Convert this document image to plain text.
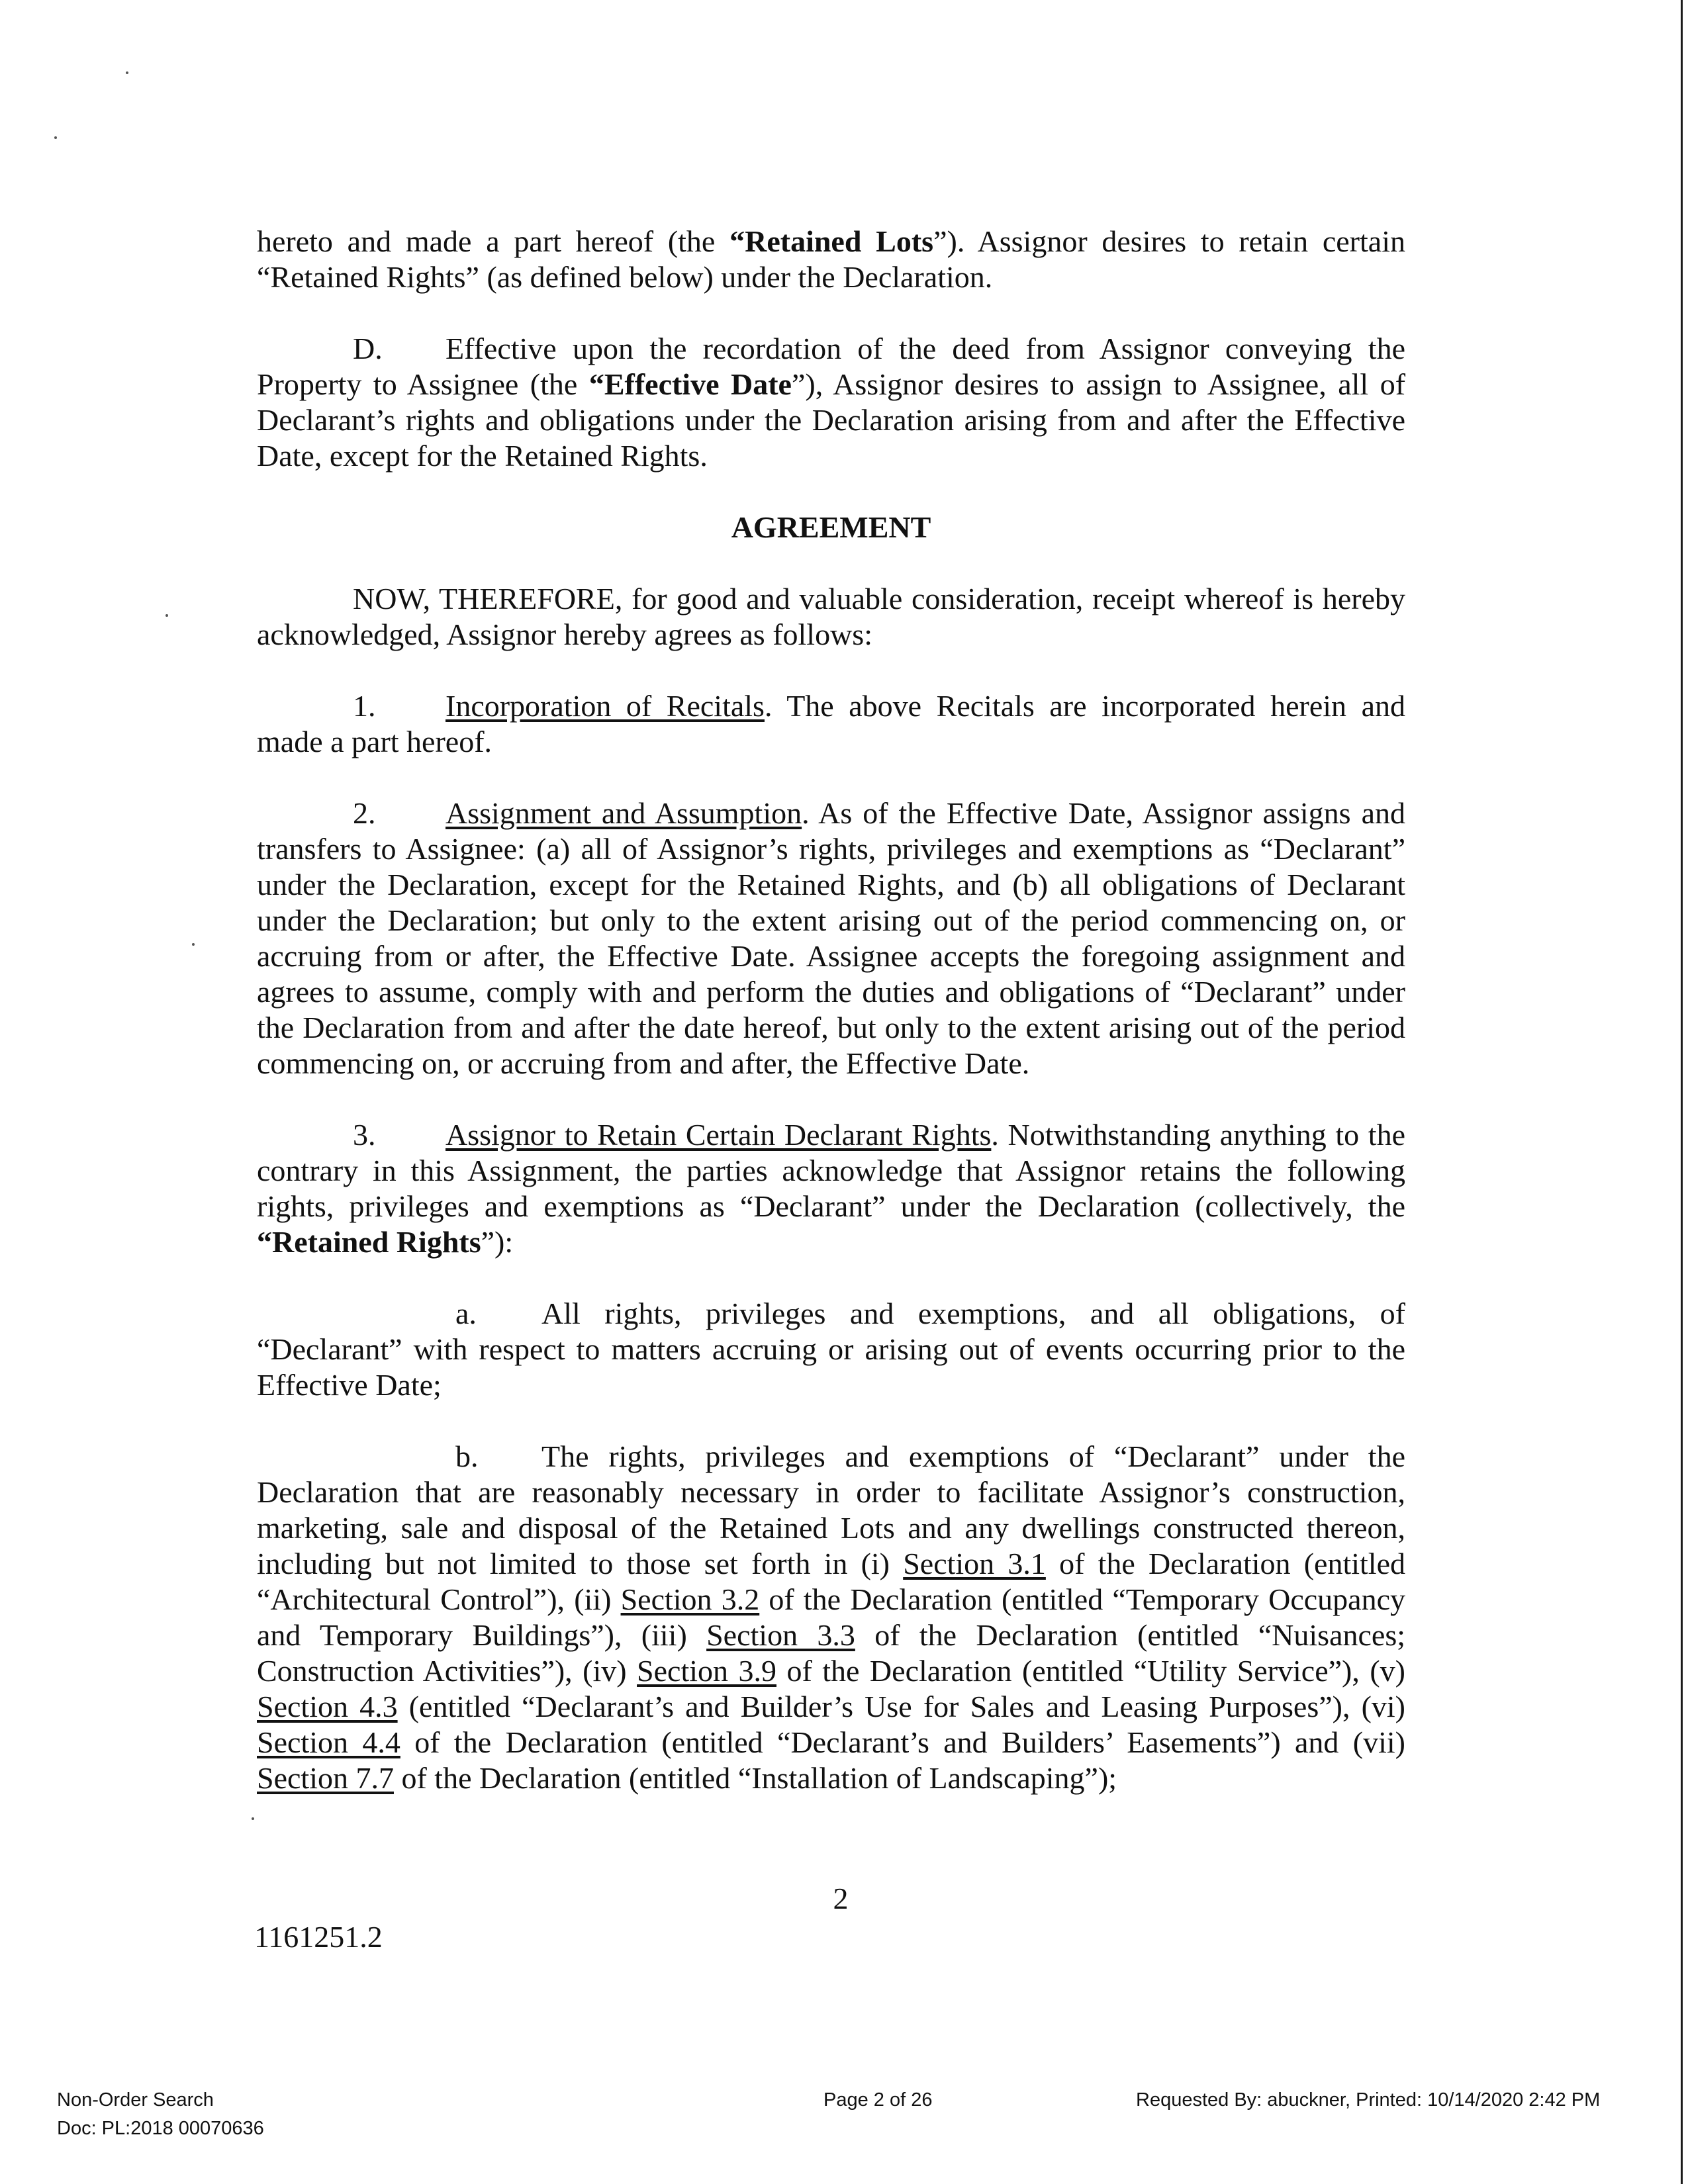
hereto and made a part hereof (the “Retained Lots”). Assignor desires to retain certain “Retained Rights” (as defined below) under the Declaration.

D. Effective upon the recordation of the deed from Assignor conveying the Property to Assignee (the “Effective Date”), Assignor desires to assign to Assignee, all of Declarant’s rights and obligations under the Declaration arising from and after the Effective Date, except for the Retained Rights.

AGREEMENT

NOW, THEREFORE, for good and valuable consideration, receipt whereof is hereby acknowledged, Assignor hereby agrees as follows:

1. Incorporation of Recitals. The above Recitals are incorporated herein and made a part hereof.

2. Assignment and Assumption. As of the Effective Date, Assignor assigns and transfers to Assignee: (a) all of Assignor’s rights, privileges and exemptions as “Declarant” under the Declaration, except for the Retained Rights, and (b) all obligations of Declarant under the Declaration; but only to the extent arising out of the period commencing on, or accruing from or after, the Effective Date. Assignee accepts the foregoing assignment and agrees to assume, comply with and perform the duties and obligations of “Declarant” under the Declaration from and after the date hereof, but only to the extent arising out of the period commencing on, or accruing from and after, the Effective Date.

3. Assignor to Retain Certain Declarant Rights. Notwithstanding anything to the contrary in this Assignment, the parties acknowledge that Assignor retains the following rights, privileges and exemptions as “Declarant” under the Declaration (collectively, the “Retained Rights”):

a. All rights, privileges and exemptions, and all obligations, of “Declarant” with respect to matters accruing or arising out of events occurring prior to the Effective Date;

b. The rights, privileges and exemptions of “Declarant” under the Declaration that are reasonably necessary in order to facilitate Assignor’s construction, marketing, sale and disposal of the Retained Lots and any dwellings constructed thereon, including but not limited to those set forth in (i) Section 3.1 of the Declaration (entitled “Architectural Control”), (ii) Section 3.2 of the Declaration (entitled “Temporary Occupancy and Temporary Buildings”), (iii) Section 3.3 of the Declaration (entitled “Nuisances; Construction Activities”), (iv) Section 3.9 of the Declaration (entitled “Utility Service”), (v) Section 4.3 (entitled “Declarant’s and Builder’s Use for Sales and Leasing Purposes”), (vi) Section 4.4 of the Declaration (entitled “Declarant’s and Builders’ Easements”) and (vii) Section 7.7 of the Declaration (entitled “Installation of Landscaping”);

2
1161251.2
Non-Order Search
Doc: PL:2018 00070636
Page 2 of 26	Requested By: abuckner, Printed: 10/14/2020 2:42 PM
